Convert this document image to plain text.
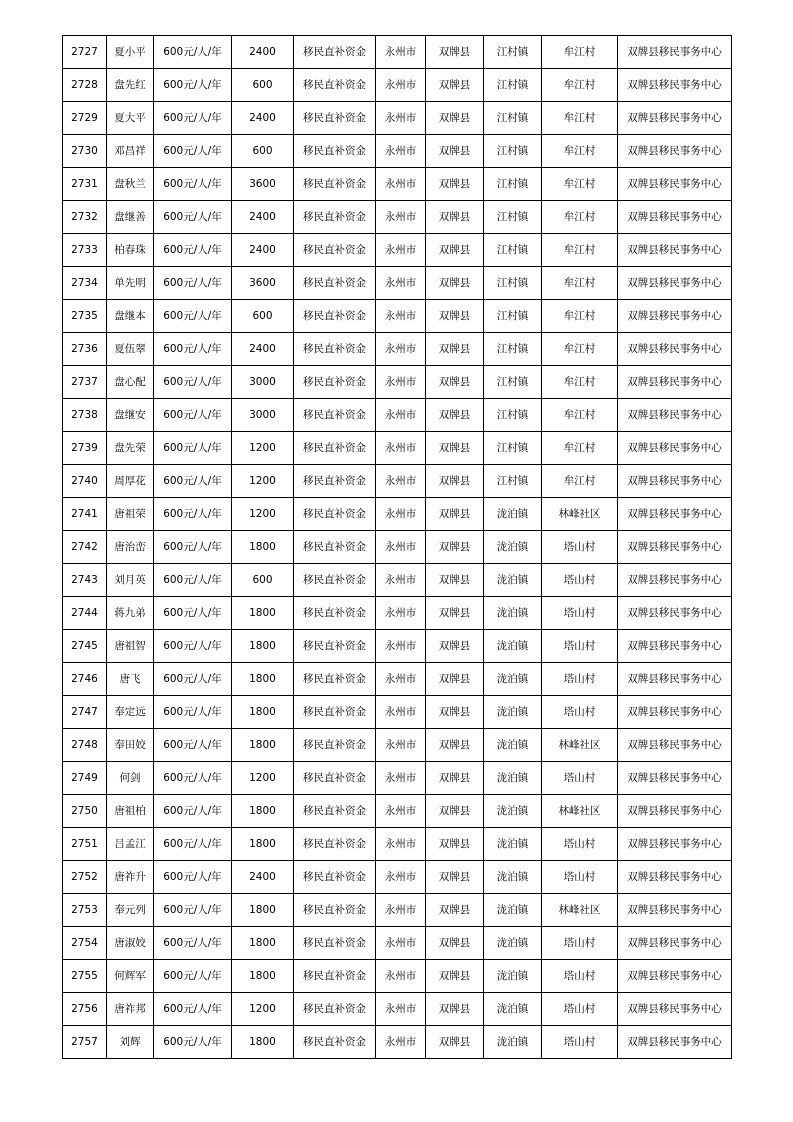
2727	夏小平	600元/人/年	2400	移民直补资金	永州市	双牌县	江村镇	牟江村	双牌县移民事务中心
2728	盘先红	600元/人/年	600	移民直补资金	永州市	双牌县	江村镇	牟江村	双牌县移民事务中心
2729	夏大平	600元/人/年	2400	移民直补资金	永州市	双牌县	江村镇	牟江村	双牌县移民事务中心
2730	邓昌祥	600元/人/年	600	移民直补资金	永州市	双牌县	江村镇	牟江村	双牌县移民事务中心
2731	盘秋兰	600元/人/年	3600	移民直补资金	永州市	双牌县	江村镇	牟江村	双牌县移民事务中心
2732	盘继善	600元/人/年	2400	移民直补资金	永州市	双牌县	江村镇	牟江村	双牌县移民事务中心
2733	柏春珠	600元/人/年	2400	移民直补资金	永州市	双牌县	江村镇	牟江村	双牌县移民事务中心
2734	单先明	600元/人/年	3600	移民直补资金	永州市	双牌县	江村镇	牟江村	双牌县移民事务中心
2735	盘继本	600元/人/年	600	移民直补资金	永州市	双牌县	江村镇	牟江村	双牌县移民事务中心
2736	夏伍翠	600元/人/年	2400	移民直补资金	永州市	双牌县	江村镇	牟江村	双牌县移民事务中心
2737	盘心配	600元/人/年	3000	移民直补资金	永州市	双牌县	江村镇	牟江村	双牌县移民事务中心
2738	盘继安	600元/人/年	3000	移民直补资金	永州市	双牌县	江村镇	牟江村	双牌县移民事务中心
2739	盘先荣	600元/人/年	1200	移民直补资金	永州市	双牌县	江村镇	牟江村	双牌县移民事务中心
2740	周厚花	600元/人/年	1200	移民直补资金	永州市	双牌县	江村镇	牟江村	双牌县移民事务中心
2741	唐祖荣	600元/人/年	1200	移民直补资金	永州市	双牌县	泷泊镇	林峰社区	双牌县移民事务中心
2742	唐治峦	600元/人/年	1800	移民直补资金	永州市	双牌县	泷泊镇	塔山村	双牌县移民事务中心
2743	刘月英	600元/人/年	600	移民直补资金	永州市	双牌县	泷泊镇	塔山村	双牌县移民事务中心
2744	蒋九弟	600元/人/年	1800	移民直补资金	永州市	双牌县	泷泊镇	塔山村	双牌县移民事务中心
2745	唐祖智	600元/人/年	1800	移民直补资金	永州市	双牌县	泷泊镇	塔山村	双牌县移民事务中心
2746	唐飞	600元/人/年	1800	移民直补资金	永州市	双牌县	泷泊镇	塔山村	双牌县移民事务中心
2747	奉定远	600元/人/年	1800	移民直补资金	永州市	双牌县	泷泊镇	塔山村	双牌县移民事务中心
2748	奉田姣	600元/人/年	1800	移民直补资金	永州市	双牌县	泷泊镇	林峰社区	双牌县移民事务中心
2749	何剑	600元/人/年	1200	移民直补资金	永州市	双牌县	泷泊镇	塔山村	双牌县移民事务中心
2750	唐祖柏	600元/人/年	1800	移民直补资金	永州市	双牌县	泷泊镇	林峰社区	双牌县移民事务中心
2751	吕孟江	600元/人/年	1800	移民直补资金	永州市	双牌县	泷泊镇	塔山村	双牌县移民事务中心
2752	唐祚升	600元/人/年	2400	移民直补资金	永州市	双牌县	泷泊镇	塔山村	双牌县移民事务中心
2753	奉元列	600元/人/年	1800	移民直补资金	永州市	双牌县	泷泊镇	林峰社区	双牌县移民事务中心
2754	唐淑姣	600元/人/年	1800	移民直补资金	永州市	双牌县	泷泊镇	塔山村	双牌县移民事务中心
2755	何辉军	600元/人/年	1800	移民直补资金	永州市	双牌县	泷泊镇	塔山村	双牌县移民事务中心
2756	唐祚邦	600元/人/年	1200	移民直补资金	永州市	双牌县	泷泊镇	塔山村	双牌县移民事务中心
2757	刘辉	600元/人/年	1800	移民直补资金	永州市	双牌县	泷泊镇	塔山村	双牌县移民事务中心
